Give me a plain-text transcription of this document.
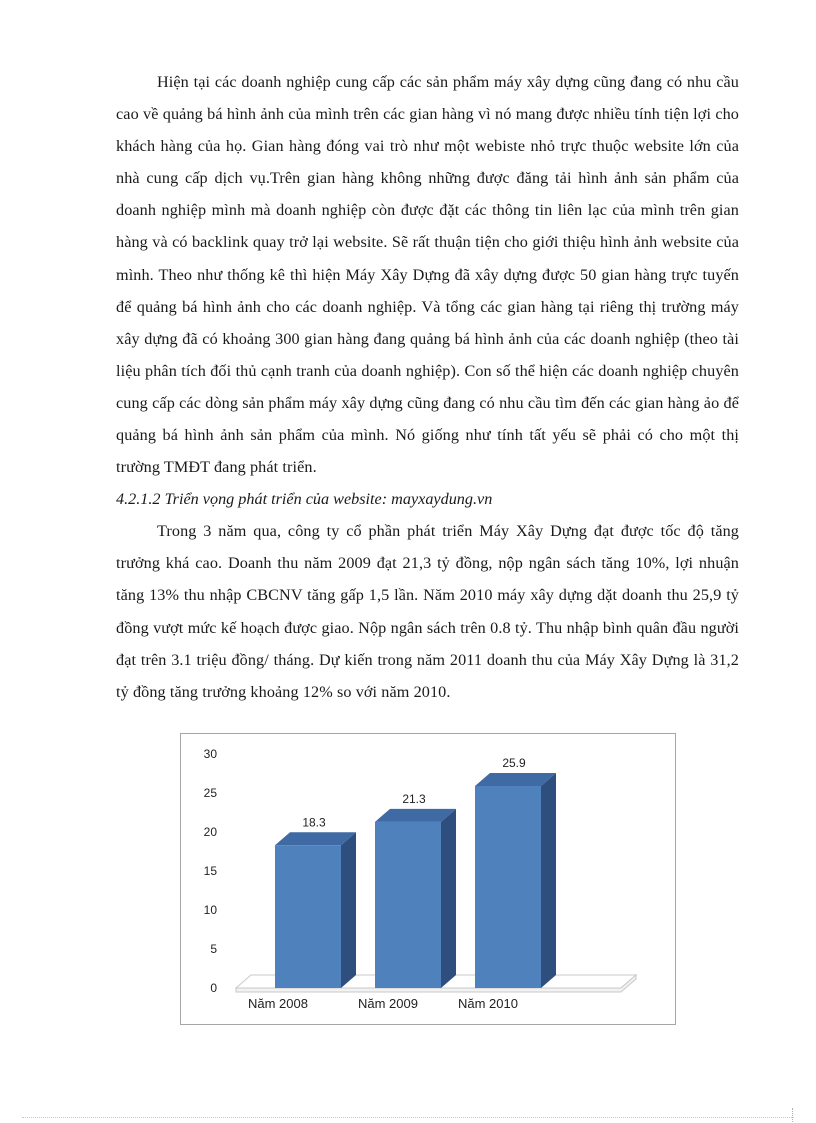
Hiện tại các doanh nghiệp cung cấp các sản phẩm máy xây dựng cũng đang có nhu cầu cao về quảng bá hình ảnh của mình trên các gian hàng vì nó mang được nhiều tính tiện lợi cho khách hàng của họ. Gian hàng đóng vai trò như một webiste nhỏ trực thuộc website lớn của nhà cung cấp dịch vụ.Trên gian hàng không những được đăng tải hình ảnh sản phẩm của doanh nghiệp mình mà doanh nghiệp còn được đặt các thông tin liên lạc của mình trên gian hàng và có backlink quay trở lại website. Sẽ rất thuận tiện cho giới thiệu hình ảnh website của mình. Theo như thống kê thì hiện Máy Xây Dựng đã xây dựng được 50 gian hàng trực tuyến để quảng bá hình ảnh cho các doanh nghiệp. Và tổng các gian hàng tại riêng thị trường máy xây dựng đã có khoảng 300 gian hàng đang quảng bá hình ảnh của các doanh nghiệp (theo tài liệu phân tích đối thủ cạnh tranh của doanh nghiệp). Con số thể hiện các doanh nghiệp chuyên cung cấp các dòng sản phẩm máy xây dựng cũng đang có nhu cầu tìm đến các gian hàng ảo để quảng bá hình ảnh sản phẩm của mình. Nó giống như tính tất yếu sẽ phải có cho một thị trường TMĐT đang phát triển.

4.2.1.2 Triển vọng phát triển của website: mayxaydung.vn

Trong 3 năm qua, công ty cổ phần phát triển Máy Xây Dựng đạt được tốc độ tăng trưởng khá cao. Doanh thu năm 2009 đạt 21,3 tỷ đồng, nộp ngân sách tăng 10%, lợi nhuận tăng 13% thu nhập CBCNV tăng gấp 1,5 lần. Năm 2010 máy xây dựng dặt doanh thu 25,9 tỷ đồng vượt mức kế hoạch được giao. Nộp ngân sách trên 0.8 tỷ. Thu nhập bình quân đầu người đạt trên 3.1 triệu đồng/ tháng. Dự kiến trong năm 2011 doanh thu của Máy Xây Dựng là 31,2 tỷ đồng tăng trưởng khoảng 12% so với năm 2010.

0
5
10
15
20
25
30
18.3
Năm 2008
21.3
Năm 2009
25.9
Năm 2010
